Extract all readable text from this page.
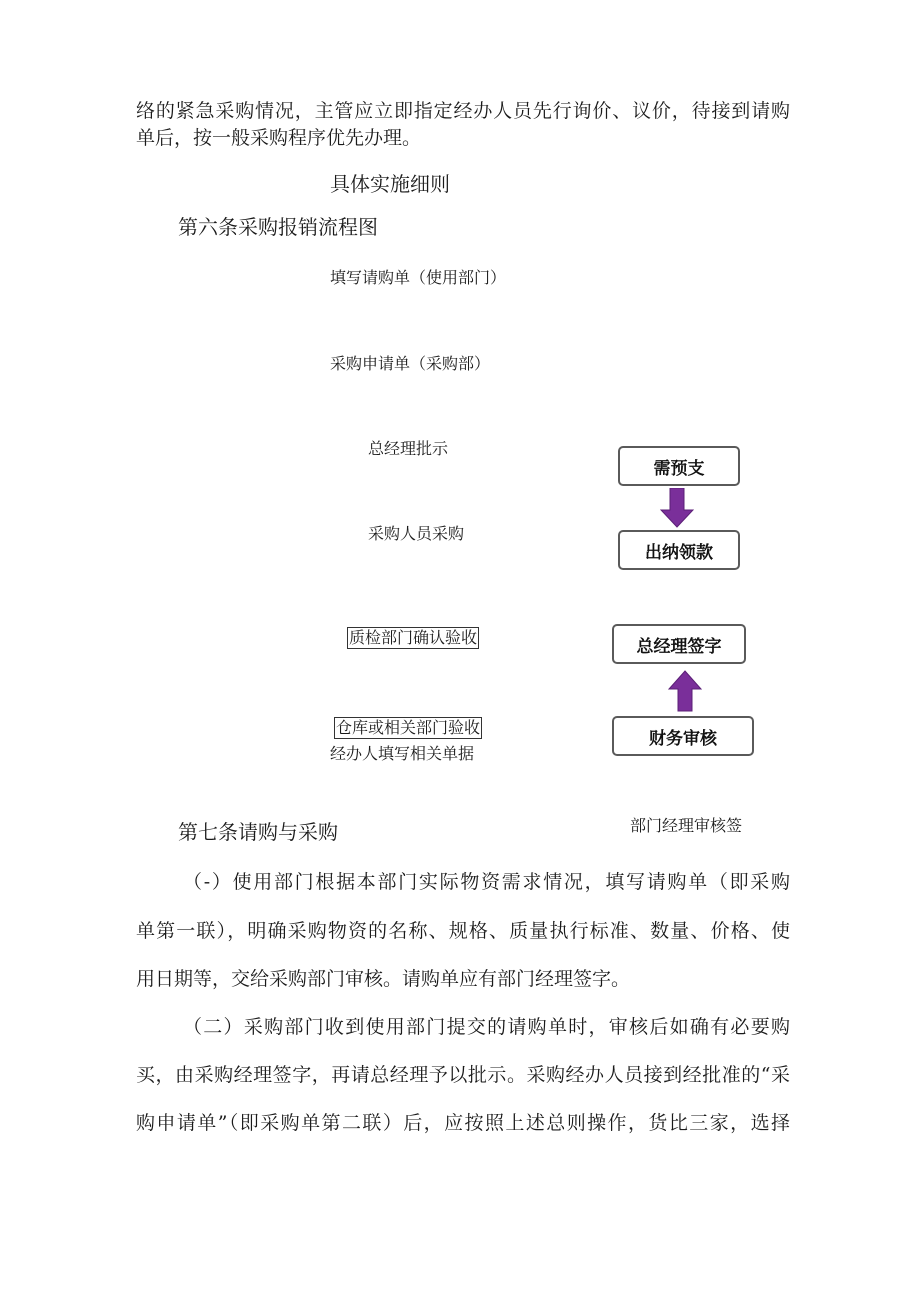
络的紧急采购情况，主管应立即指定经办人员先行询价、议价，待接到请购
单后，按一般采购程序优先办理。
具体实施细则
第六条采购报销流程图
填写请购单（使用部门）
采购申请单（采购部）
总经理批示
采购人员采购
质检部门确认验收
仓库或相关部门验收
经办人填写相关单据
需预支
出纳领款
总经理签字
财务审核
部门经理审核签
第七条请购与采购
（-）使用部门根据本部门实际物资需求情况，填写请购单（即采购
单第一联），明确采购物资的名称、规格、质量执行标准、数量、价格、使
用日期等，交给采购部门审核。请购单应有部门经理签字。
（二）采购部门收到使用部门提交的请购单时，审核后如确有必要购
买，由采购经理签字，再请总经理予以批示。采购经办人员接到经批准的“采
购申请单”（即采购单第二联）后，应按照上述总则操作，货比三家，选择
